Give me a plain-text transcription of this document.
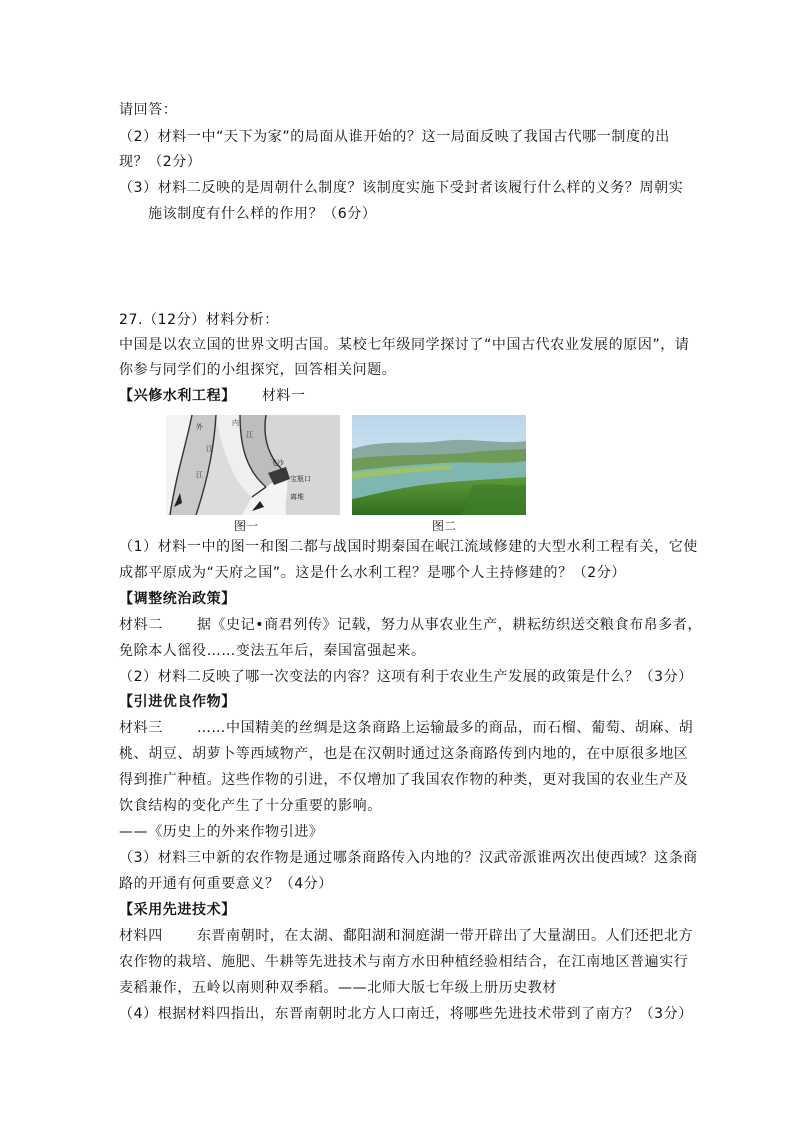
请回答：
（2）材料一中“天下为家”的局面从谁开始的？这一局面反映了我国古代哪一制度的出
现？（2分）
（3）材料二反映的是周朝什么制度？该制度实施下受封者该履行什么样的义务？周朝实
施该制度有什么样的作用？（6分）
27.（12分）材料分析：
中国是以农立国的世界文明古国。某校七年级同学探讨了“中国古代农业发展的原因”，请
你参与同学们的小组探究，回答相关问题。
【兴修水利工程】 材料一
外	内
江
江
江	宝瓶口
离堆
飞沙
图一	图二
（1）材料一中的图一和图二都与战国时期秦国在岷江流域修建的大型水利工程有关，它使
成都平原成为“天府之国”。这是什么水利工程？是哪个人主持修建的？（2分）
【调整统治政策】
材料二 据《史记•商君列传》记载，努力从事农业生产，耕耘纺织送交粮食布帛多者，
免除本人徭役……变法五年后，秦国富强起来。
（2）材料二反映了哪一次变法的内容？这项有利于农业生产发展的政策是什么？（3分）
【引进优良作物】
材料三 ……中国精美的丝绸是这条商路上运输最多的商品，而石榴、葡萄、胡麻、胡
桃、胡豆、胡萝卜等西域物产，也是在汉朝时通过这条商路传到内地的，在中原很多地区
得到推广种植。这些作物的引进，不仅增加了我国农作物的种类，更对我国的农业生产及
饮食结构的变化产生了十分重要的影响。
——《历史上的外来作物引进》
（3）材料三中新的农作物是通过哪条商路传入内地的？汉武帝派谁两次出使西域？这条商
路的开通有何重要意义？（4分）
【采用先进技术】
材料四 东晋南朝时，在太湖、鄱阳湖和洞庭湖一带开辟出了大量湖田。人们还把北方
农作物的栽培、施肥、牛耕等先进技术与南方水田种植经验相结合，在江南地区普遍实行
麦稻兼作，五岭以南则种双季稻。——北师大版七年级上册历史教材
（4）根据材料四指出，东晋南朝时北方人口南迁，将哪些先进技术带到了南方？（3分）
